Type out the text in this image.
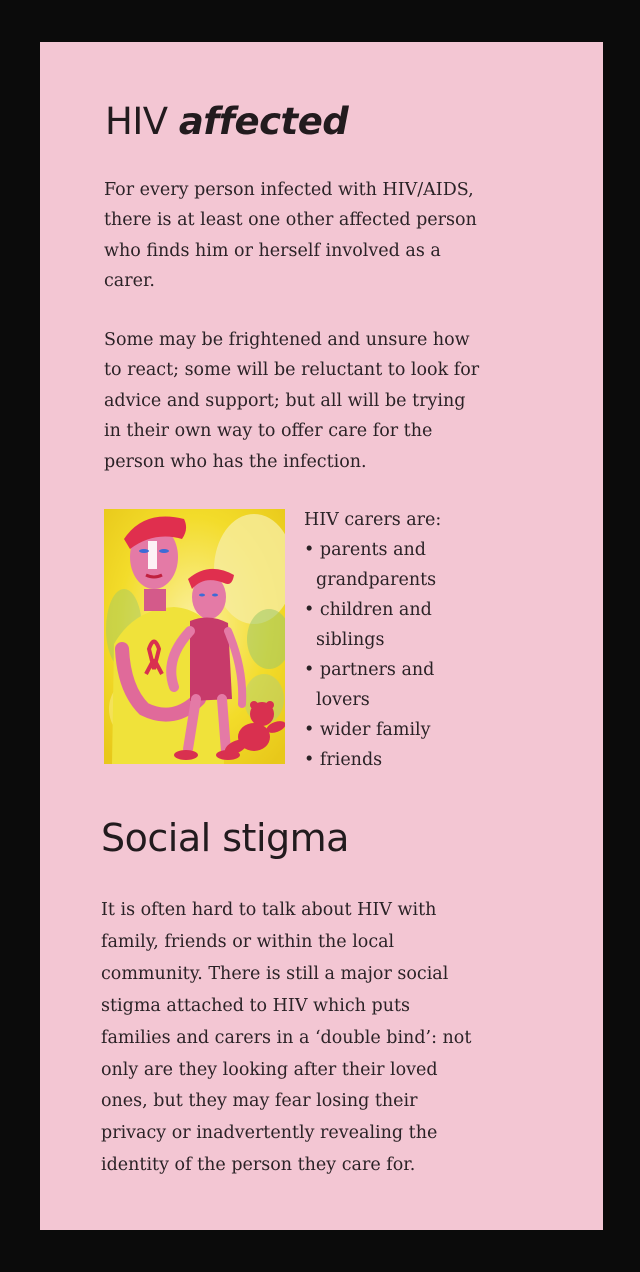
HIV affected

For every person infected with HIV/AIDS,
there is at least one other affected person
who finds him or herself involved as a
carer.

Some may be frightened and unsure how
to react; some will be reluctant to look for
advice and support; but all will be trying
in their own way to offer care for the
person who has the infection.

HIV carers are:
• parents and
grandparents
• children and
siblings
• partners and
lovers
• wider family
• friends
Social stigma

It is often hard to talk about HIV with
family, friends or within the local
community. There is still a major social
stigma attached to HIV which puts
families and carers in a ‘double bind’: not
only are they looking after their loved
ones, but they may fear losing their
privacy or inadvertently revealing the
identity of the person they care for.
